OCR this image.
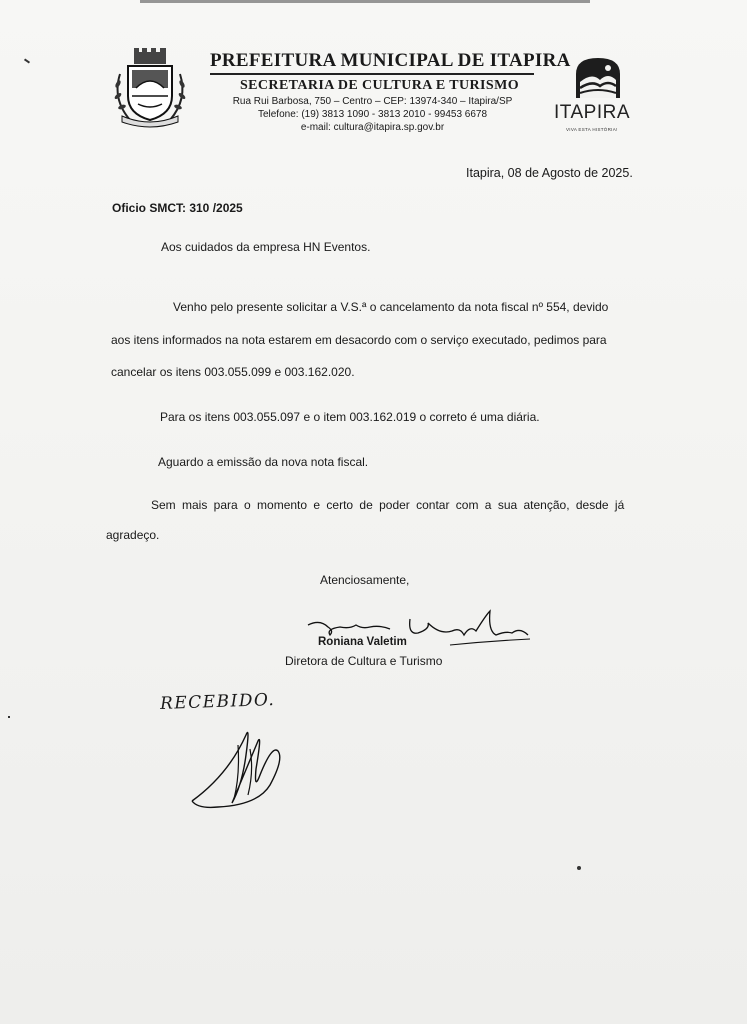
PREFEITURA MUNICIPAL DE ITAPIRA
SECRETARIA DE CULTURA E TURISMO
Rua Rui Barbosa, 750 – Centro – CEP: 13974-340 – Itapira/SP
Telefone: (19) 3813 1090 - 3813 2010 - 99453 6678
e-mail: cultura@itapira.sp.gov.br
ITAPIRA
VIVA ESTA HISTÓRIA!
Itapira, 08 de Agosto de 2025.
Oficio SMCT: 310 /2025
Aos cuidados da empresa HN Eventos.
Venho pelo presente solicitar a V.S.ª o cancelamento da nota fiscal nº 554, devido
aos itens informados na nota estarem em desacordo com o serviço executado, pedimos para
cancelar os itens 003.055.099 e 003.162.020.
Para os itens 003.055.097 e o item 003.162.019 o correto é uma diária.
Aguardo a emissão da nova nota fiscal.
Sem mais para o momento e certo de poder contar com a sua atenção, desde já
agradeço.
Atenciosamente,
Roniana Valetim
Diretora de Cultura e Turismo
RECEBIDO.
